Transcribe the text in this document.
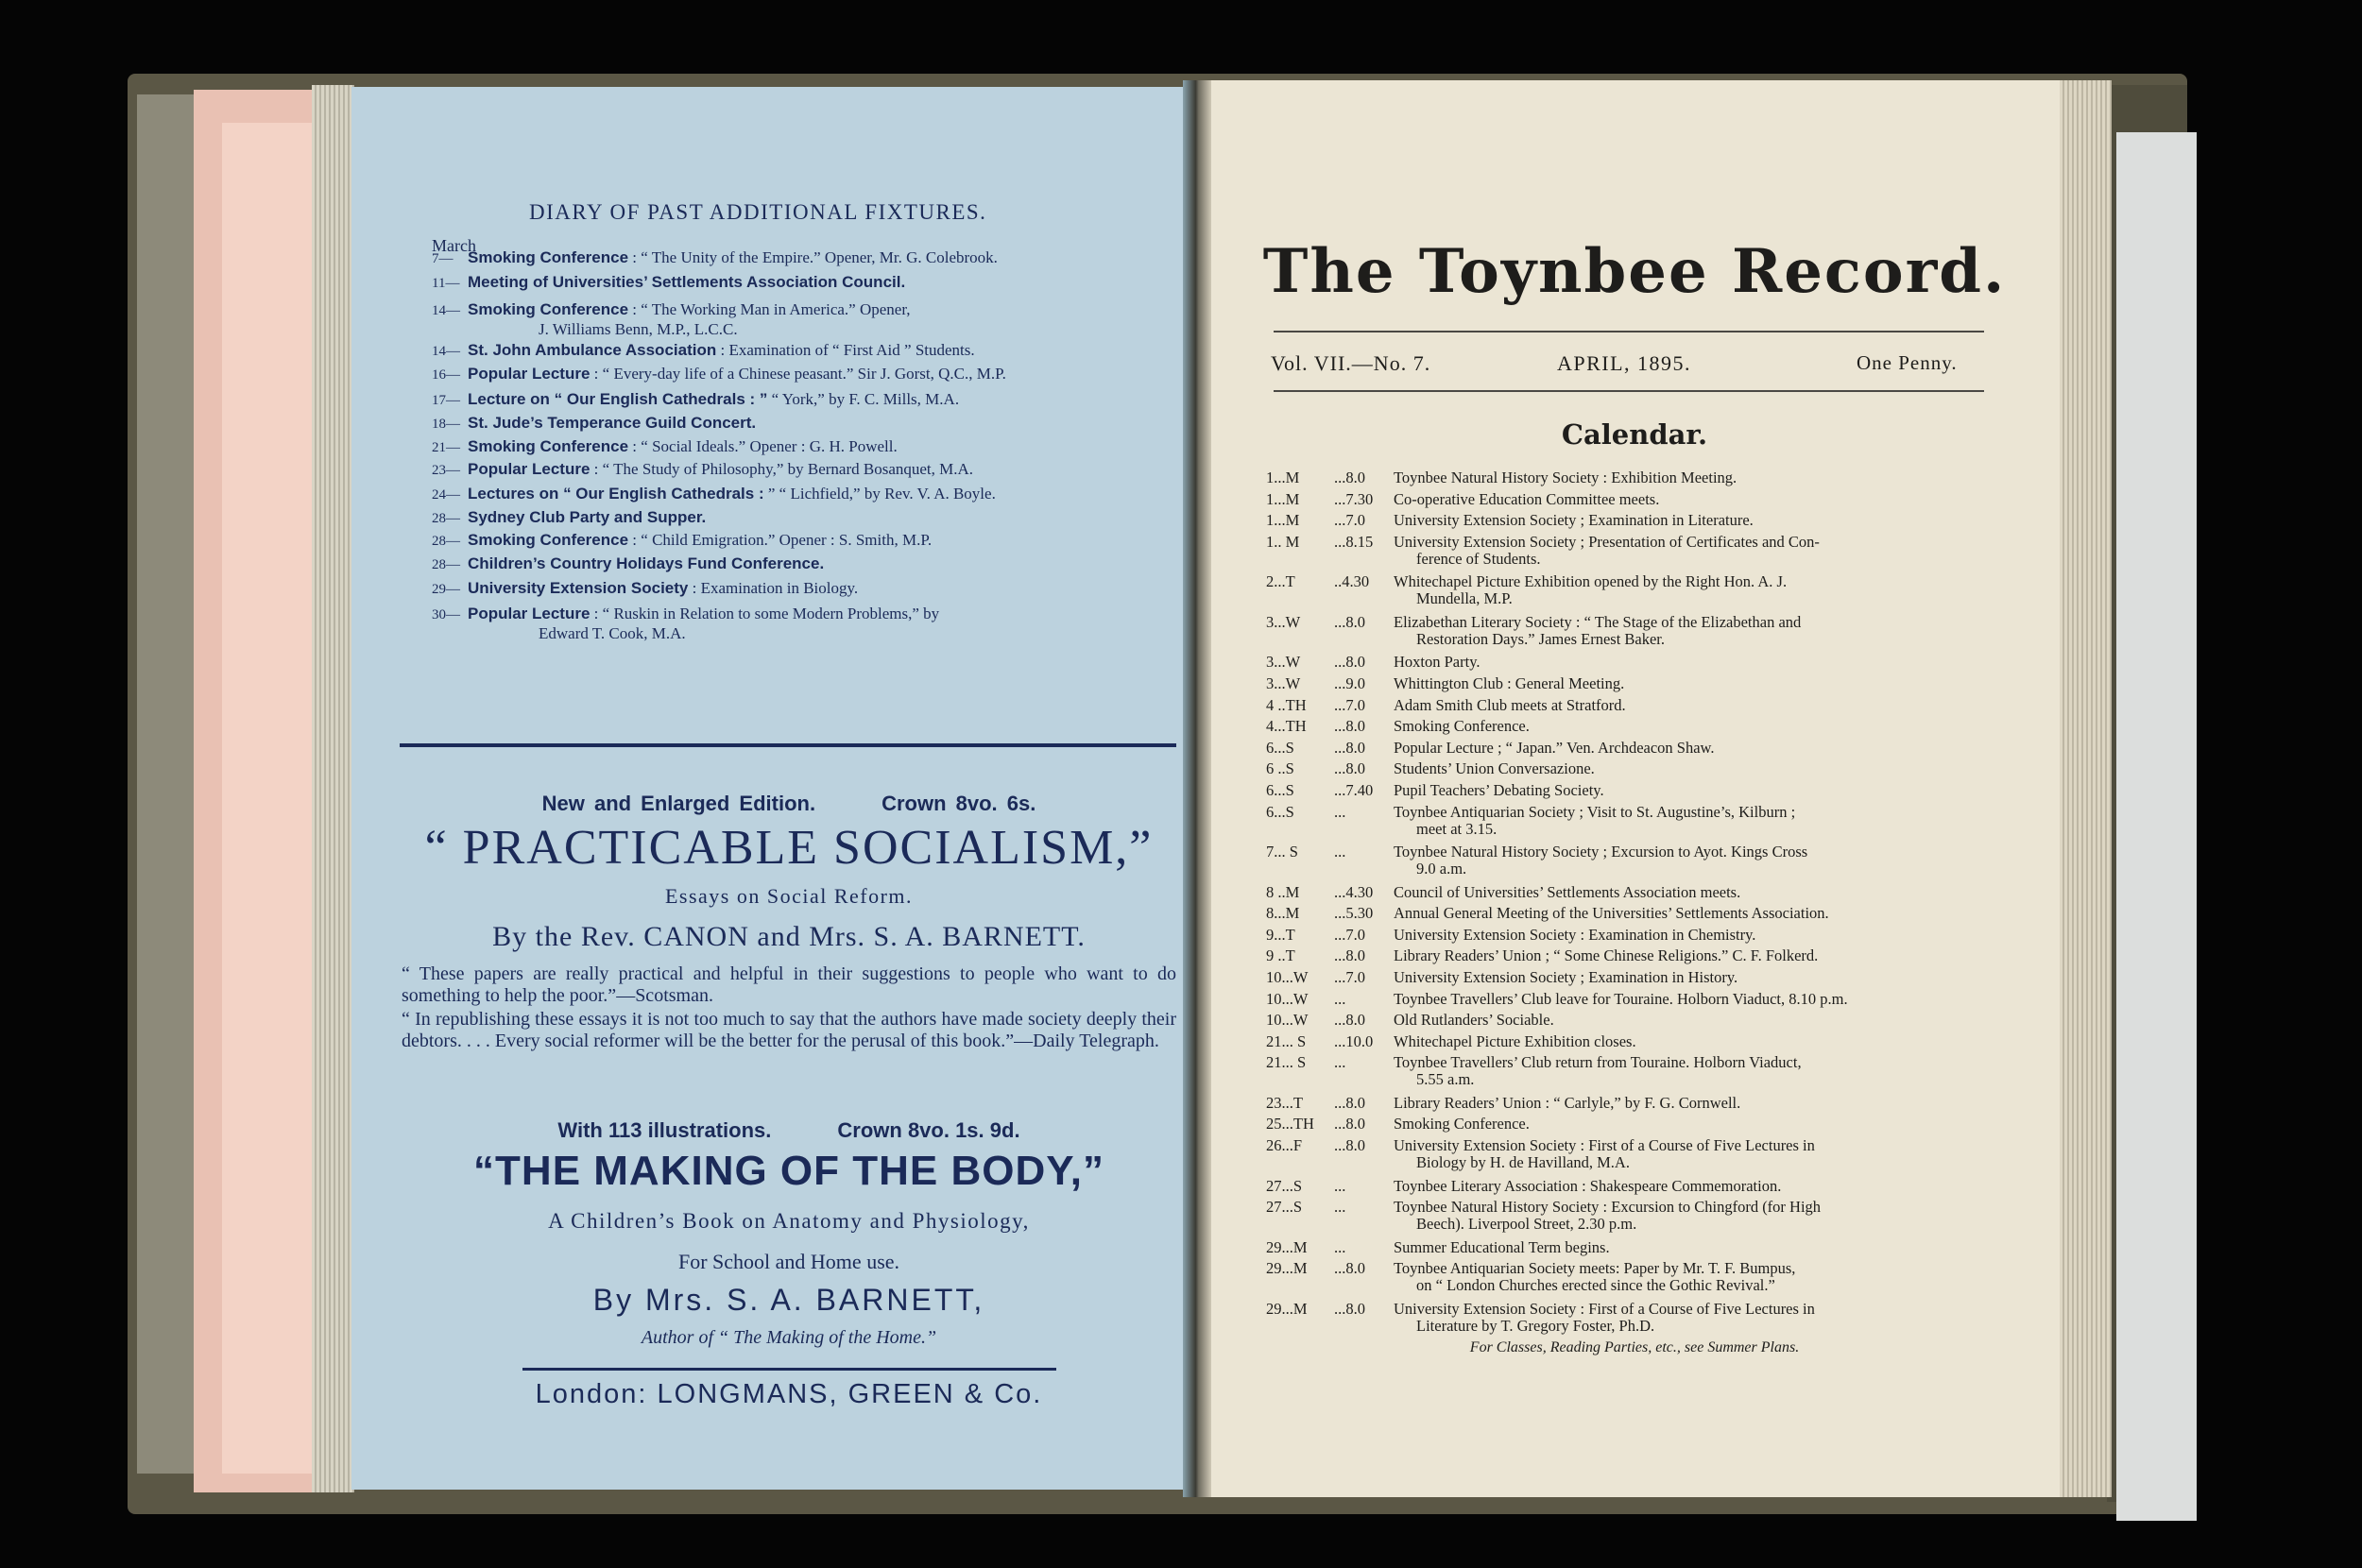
DIARY OF PAST ADDITIONAL FIXTURES.
March
7— Smoking Conference : “ The Unity of the Empire.” Opener, Mr. G. Colebrook.
11— Meeting of Universities’ Settlements Association Council.
14— Smoking Conference : “ The Working Man in America.” Opener,
J. Williams Benn, M.P., L.C.C.
14— St. John Ambulance Association : Examination of “ First Aid ” Students.
16— Popular Lecture : “ Every-day life of a Chinese peasant.” Sir J. Gorst, Q.C., M.P.
17— Lecture on “ Our English Cathedrals : ” “ York,” by F. C. Mills, M.A.
18— St. Jude’s Temperance Guild Concert.
21— Smoking Conference : “ Social Ideals.” Opener : G. H. Powell.
23— Popular Lecture : “ The Study of Philosophy,” by Bernard Bosanquet, M.A.
24— Lectures on “ Our English Cathedrals : ” “ Lichfield,” by Rev. V. A. Boyle.
28— Sydney Club Party and Supper.
28— Smoking Conference : “ Child Emigration.” Opener : S. Smith, M.P.
28— Children’s Country Holidays Fund Conference.
29— University Extension Society : Examination in Biology.
30— Popular Lecture : “ Ruskin in Relation to some Modern Problems,” by
Edward T. Cook, M.A.
New and Enlarged Edition.	Crown 8vo. 6s.
“ PRACTICABLE SOCIALISM,”
Essays on Social Reform.
By the Rev. CANON and Mrs. S. A. BARNETT.
“ These papers are really practical and helpful in their suggestions to people who want to do something to help the poor.”—Scotsman.
“ In republishing these essays it is not too much to say that the authors have made society deeply their debtors. . . . Every social reformer will be the better for the perusal of this book.”—Daily Telegraph.
With 113 illustrations.	Crown 8vo. 1s. 9d.
“THE MAKING OF THE BODY,”
A Children’s Book on Anatomy and Physiology,
For School and Home use.
By Mrs. S. A. BARNETT,
Author of “ The Making of the Home.”
London: LONGMANS, GREEN & Co.
The Toynbee Record.
Vol. VII.—No. 7.	APRIL, 1895.	One Penny.
Calendar.
1...M	...8.0	Toynbee Natural History Society : Exhibition Meeting.
1...M	...7.30	Co-operative Education Committee meets.
1...M	...7.0	University Extension Society ; Examination in Literature.
1.. M	...8.15	University Extension Society ; Presentation of Certificates and Con-
ference of Students.
2...T	..4.30	Whitechapel Picture Exhibition opened by the Right Hon. A. J.
Mundella, M.P.
3...W	...8.0	Elizabethan Literary Society : “ The Stage of the Elizabethan and
Restoration Days.” James Ernest Baker.
3...W	...8.0	Hoxton Party.
3...W	...9.0	Whittington Club : General Meeting.
4 ..TH	...7.0	Adam Smith Club meets at Stratford.
4...TH	...8.0	Smoking Conference.
6...S	...8.0	Popular Lecture ; “ Japan.” Ven. Archdeacon Shaw.
6 ..S	...8.0	Students’ Union Conversazione.
6...S	...7.40	Pupil Teachers’ Debating Society.
6...S	...	Toynbee Antiquarian Society ; Visit to St. Augustine’s, Kilburn ;
meet at 3.15.
7... S	...	Toynbee Natural History Society ; Excursion to Ayot. Kings Cross
9.0 a.m.
8 ..M	...4.30	Council of Universities’ Settlements Association meets.
8...M	...5.30	Annual General Meeting of the Universities’ Settlements Association.
9...T	...7.0	University Extension Society : Examination in Chemistry.
9 ..T	...8.0	Library Readers’ Union ; “ Some Chinese Religions.” C. F. Folkerd.
10...W	...7.0	University Extension Society ; Examination in History.
10...W	...	Toynbee Travellers’ Club leave for Touraine. Holborn Viaduct, 8.10 p.m.
10...W	...8.0	Old Rutlanders’ Sociable.
21... S	...10.0	Whitechapel Picture Exhibition closes.
21... S	...	Toynbee Travellers’ Club return from Touraine. Holborn Viaduct,
5.55 a.m.
23...T	...8.0	Library Readers’ Union : “ Carlyle,” by F. G. Cornwell.
25...TH	...8.0	Smoking Conference.
26...F	...8.0	University Extension Society : First of a Course of Five Lectures in
Biology by H. de Havilland, M.A.
27...S	...	Toynbee Literary Association : Shakespeare Commemoration.
27...S	...	Toynbee Natural History Society : Excursion to Chingford (for High
Beech). Liverpool Street, 2.30 p.m.
29...M	...	Summer Educational Term begins.
29...M	...8.0	Toynbee Antiquarian Society meets: Paper by Mr. T. F. Bumpus,
on “ London Churches erected since the Gothic Revival.”
29...M	...8.0	University Extension Society : First of a Course of Five Lectures in
Literature by T. Gregory Foster, Ph.D.
For Classes, Reading Parties, etc., see Summer Plans.
